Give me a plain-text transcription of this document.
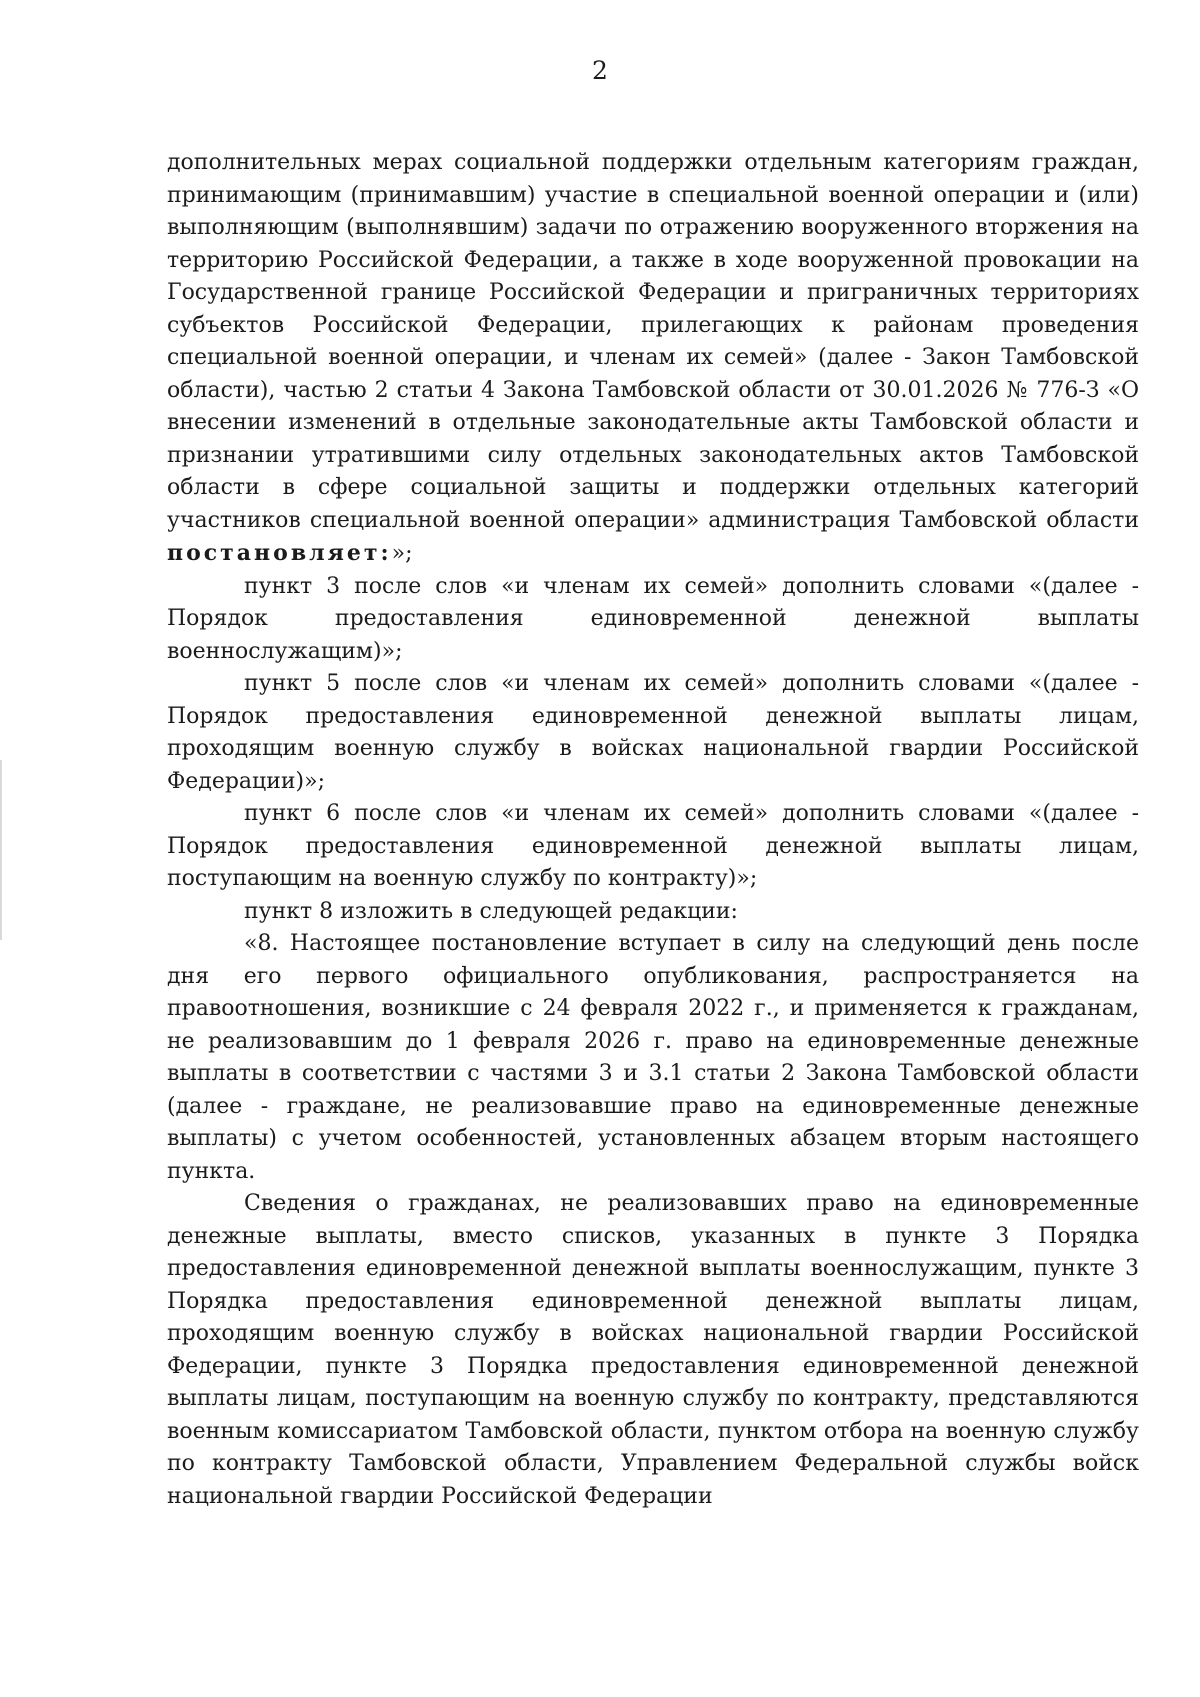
2

дополнительных мерах социальной поддержки отдельным категориям граждан, принимающим (принимавшим) участие в специальной военной операции и (или) выполняющим (выполнявшим) задачи по отражению вооруженного вторжения на территорию Российской Федерации, а также в ходе вооруженной провокации на Государственной границе Российской Федерации и приграничных территориях субъектов Российской Федерации, прилегающих к районам проведения специальной военной операции, и членам их семей» (далее - Закон Тамбовской области), частью 2 статьи 4 Закона Тамбовской области от 30.01.2026 № 776-З «О внесении изменений в отдельные законодательные акты Тамбовской области и признании утратившими силу отдельных законодательных актов Тамбовской области в сфере социальной защиты и поддержки отдельных категорий участников специальной военной операции» администрация Тамбовской области постановляет:»;

пункт 3 после слов «и членам их семей» дополнить словами «(далее - Порядок предоставления единовременной денежной выплаты военнослужащим)»;

пункт 5 после слов «и членам их семей» дополнить словами «(далее - Порядок предоставления единовременной денежной выплаты лицам, проходящим военную службу в войсках национальной гвардии Российской Федерации)»;

пункт 6 после слов «и членам их семей» дополнить словами «(далее - Порядок предоставления единовременной денежной выплаты лицам, поступающим на военную службу по контракту)»;

пункт 8 изложить в следующей редакции:

«8. Настоящее постановление вступает в силу на следующий день после дня его первого официального опубликования, распространяется на правоотношения, возникшие с 24 февраля 2022 г., и применяется к гражданам, не реализовавшим до 1 февраля 2026 г. право на единовременные денежные выплаты в соответствии с частями 3 и 3.1 статьи 2 Закона Тамбовской области (далее - граждане, не реализовавшие право на единовременные денежные выплаты) с учетом особенностей, установленных абзацем вторым настоящего пункта.

Сведения о гражданах, не реализовавших право на единовременные денежные выплаты, вместо списков, указанных в пункте 3 Порядка предоставления единовременной денежной выплаты военнослужащим, пункте 3 Порядка предоставления единовременной денежной выплаты лицам, проходящим военную службу в войсках национальной гвардии Российской Федерации, пункте 3 Порядка предоставления единовременной денежной выплаты лицам, поступающим на военную службу по контракту, представляются военным комиссариатом Тамбовской области, пунктом отбора на военную службу по контракту Тамбовской области, Управлением Федеральной службы войск национальной гвардии Российской Федерации
